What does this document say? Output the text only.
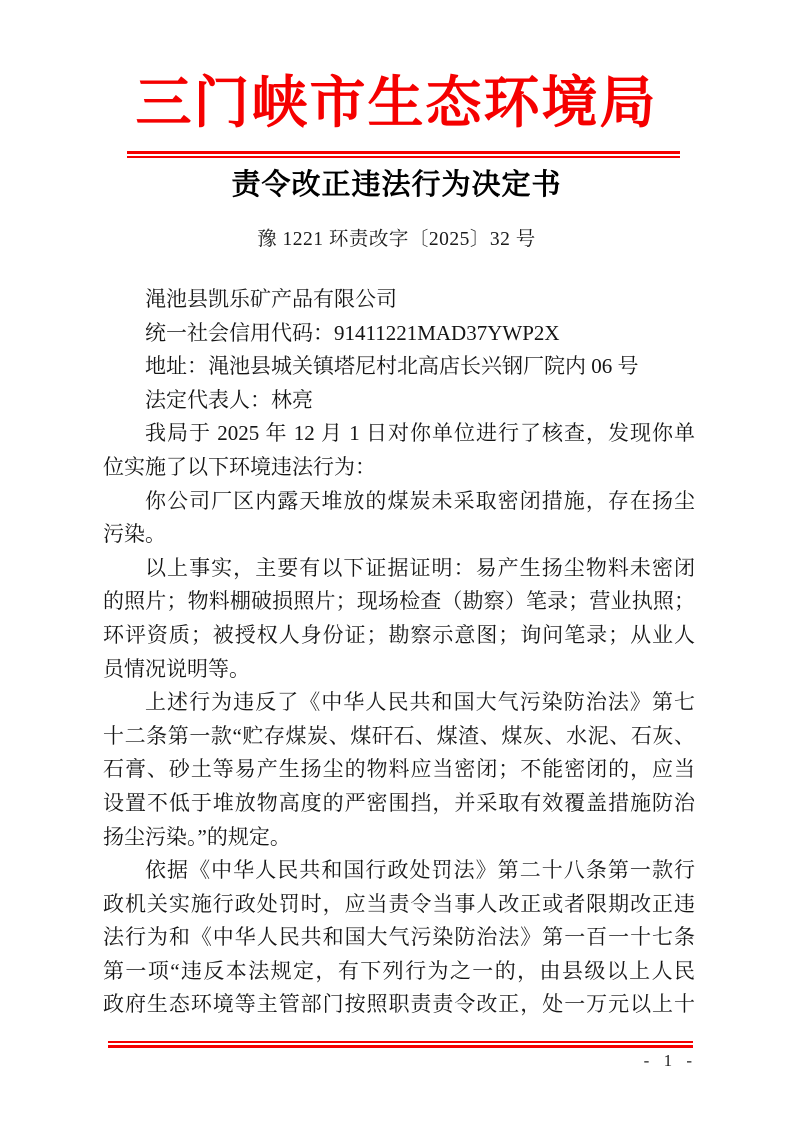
三门峡市生态环境局
责令改正违法行为决定书
豫 1221 环责改字〔2025〕32 号
渑池县凯乐矿产品有限公司
统一社会信用代码：91411221MAD37YWP2X
地址：渑池县城关镇塔尼村北高店长兴钢厂院内 06 号
法定代表人：林亮
我局于 2025 年 12 月 1 日对你单位进行了核查，发现你单
位实施了以下环境违法行为：
你公司厂区内露天堆放的煤炭未采取密闭措施，存在扬尘
污染。
以上事实，主要有以下证据证明：易产生扬尘物料未密闭
的照片；物料棚破损照片；现场检查（勘察）笔录；营业执照；
环评资质；被授权人身份证；勘察示意图；询问笔录；从业人
员情况说明等。
上述行为违反了《中华人民共和国大气污染防治法》第七
十二条第一款“贮存煤炭、煤矸石、煤渣、煤灰、水泥、石灰、
石膏、砂土等易产生扬尘的物料应当密闭；不能密闭的，应当
设置不低于堆放物高度的严密围挡，并采取有效覆盖措施防治
扬尘污染。”的规定。
依据《中华人民共和国行政处罚法》第二十八条第一款行
政机关实施行政处罚时，应当责令当事人改正或者限期改正违
法行为和《中华人民共和国大气污染防治法》第一百一十七条
第一项“违反本法规定，有下列行为之一的，由县级以上人民
政府生态环境等主管部门按照职责责令改正，处一万元以上十
- 1 -
